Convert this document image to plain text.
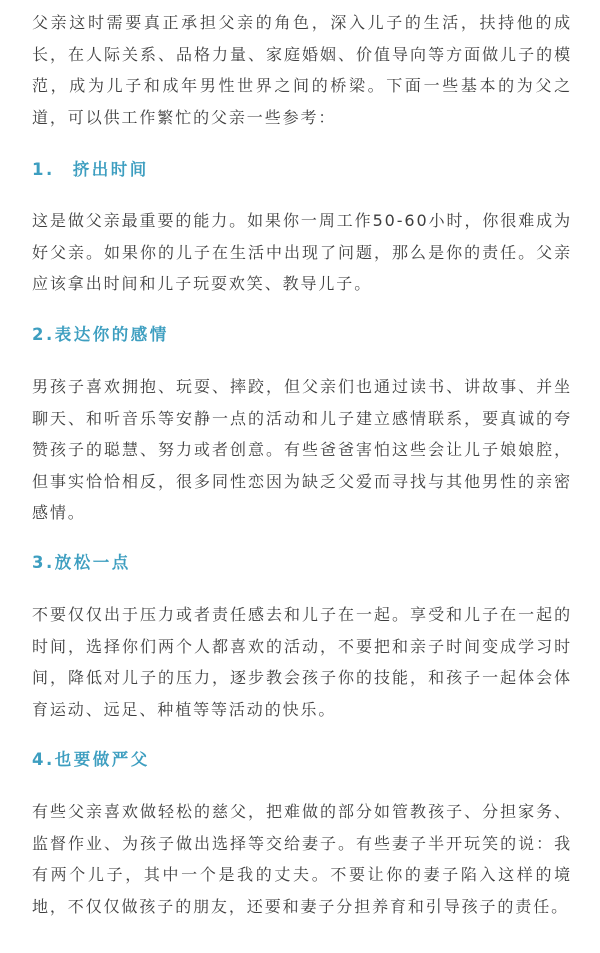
父亲这时需要真正承担父亲的角色，深入儿子的生活，扶持他的成长，在人际关系、品格力量、家庭婚姻、价值导向等方面做儿子的模范，成为儿子和成年男性世界之间的桥梁。下面一些基本的为父之道，可以供工作繁忙的父亲一些参考：

1. 挤出时间

这是做父亲最重要的能力。如果你一周工作50-60小时，你很难成为好父亲。如果你的儿子在生活中出现了问题，那么是你的责任。父亲应该拿出时间和儿子玩耍欢笑、教导儿子。

2.表达你的感情

男孩子喜欢拥抱、玩耍、摔跤，但父亲们也通过读书、讲故事、并坐聊天、和听音乐等安静一点的活动和儿子建立感情联系，要真诚的夸赞孩子的聪慧、努力或者创意。有些爸爸害怕这些会让儿子娘娘腔，但事实恰恰相反，很多同性恋因为缺乏父爱而寻找与其他男性的亲密感情。

3.放松一点

不要仅仅出于压力或者责任感去和儿子在一起。享受和儿子在一起的时间，选择你们两个人都喜欢的活动，不要把和亲子时间变成学习时间，降低对儿子的压力，逐步教会孩子你的技能，和孩子一起体会体育运动、远足、种植等等活动的快乐。

4.也要做严父

有些父亲喜欢做轻松的慈父，把难做的部分如管教孩子、分担家务、监督作业、为孩子做出选择等交给妻子。有些妻子半开玩笑的说：我有两个儿子，其中一个是我的丈夫。不要让你的妻子陷入这样的境地，不仅仅做孩子的朋友，还要和妻子分担养育和引导孩子的责任。
